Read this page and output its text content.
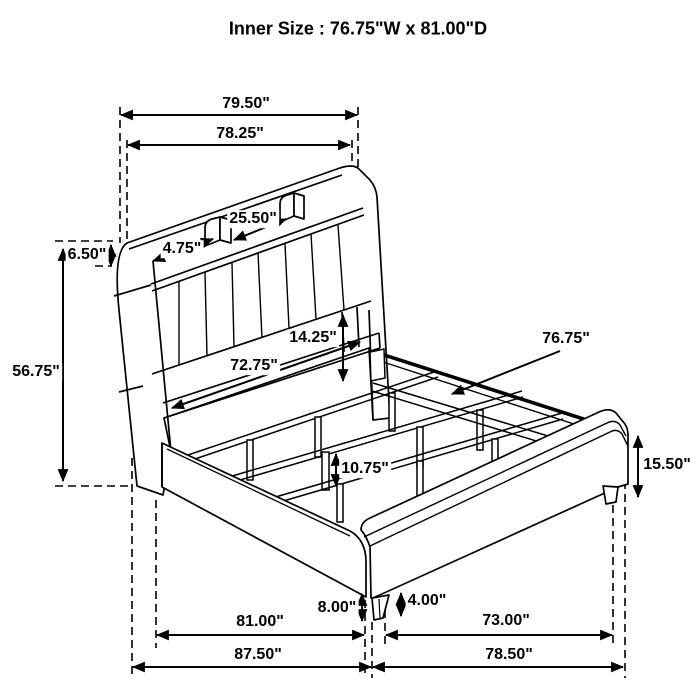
Inner Size : 76.75"W x 81.00"D
79.50"
78.25"
25.50"
4.75"
6.50"
56.75"
14.25"
72.75"
76.75"
10.75"	15.50"
8.00"	4.00"
81.00"	73.00"
87.50"	78.50"
